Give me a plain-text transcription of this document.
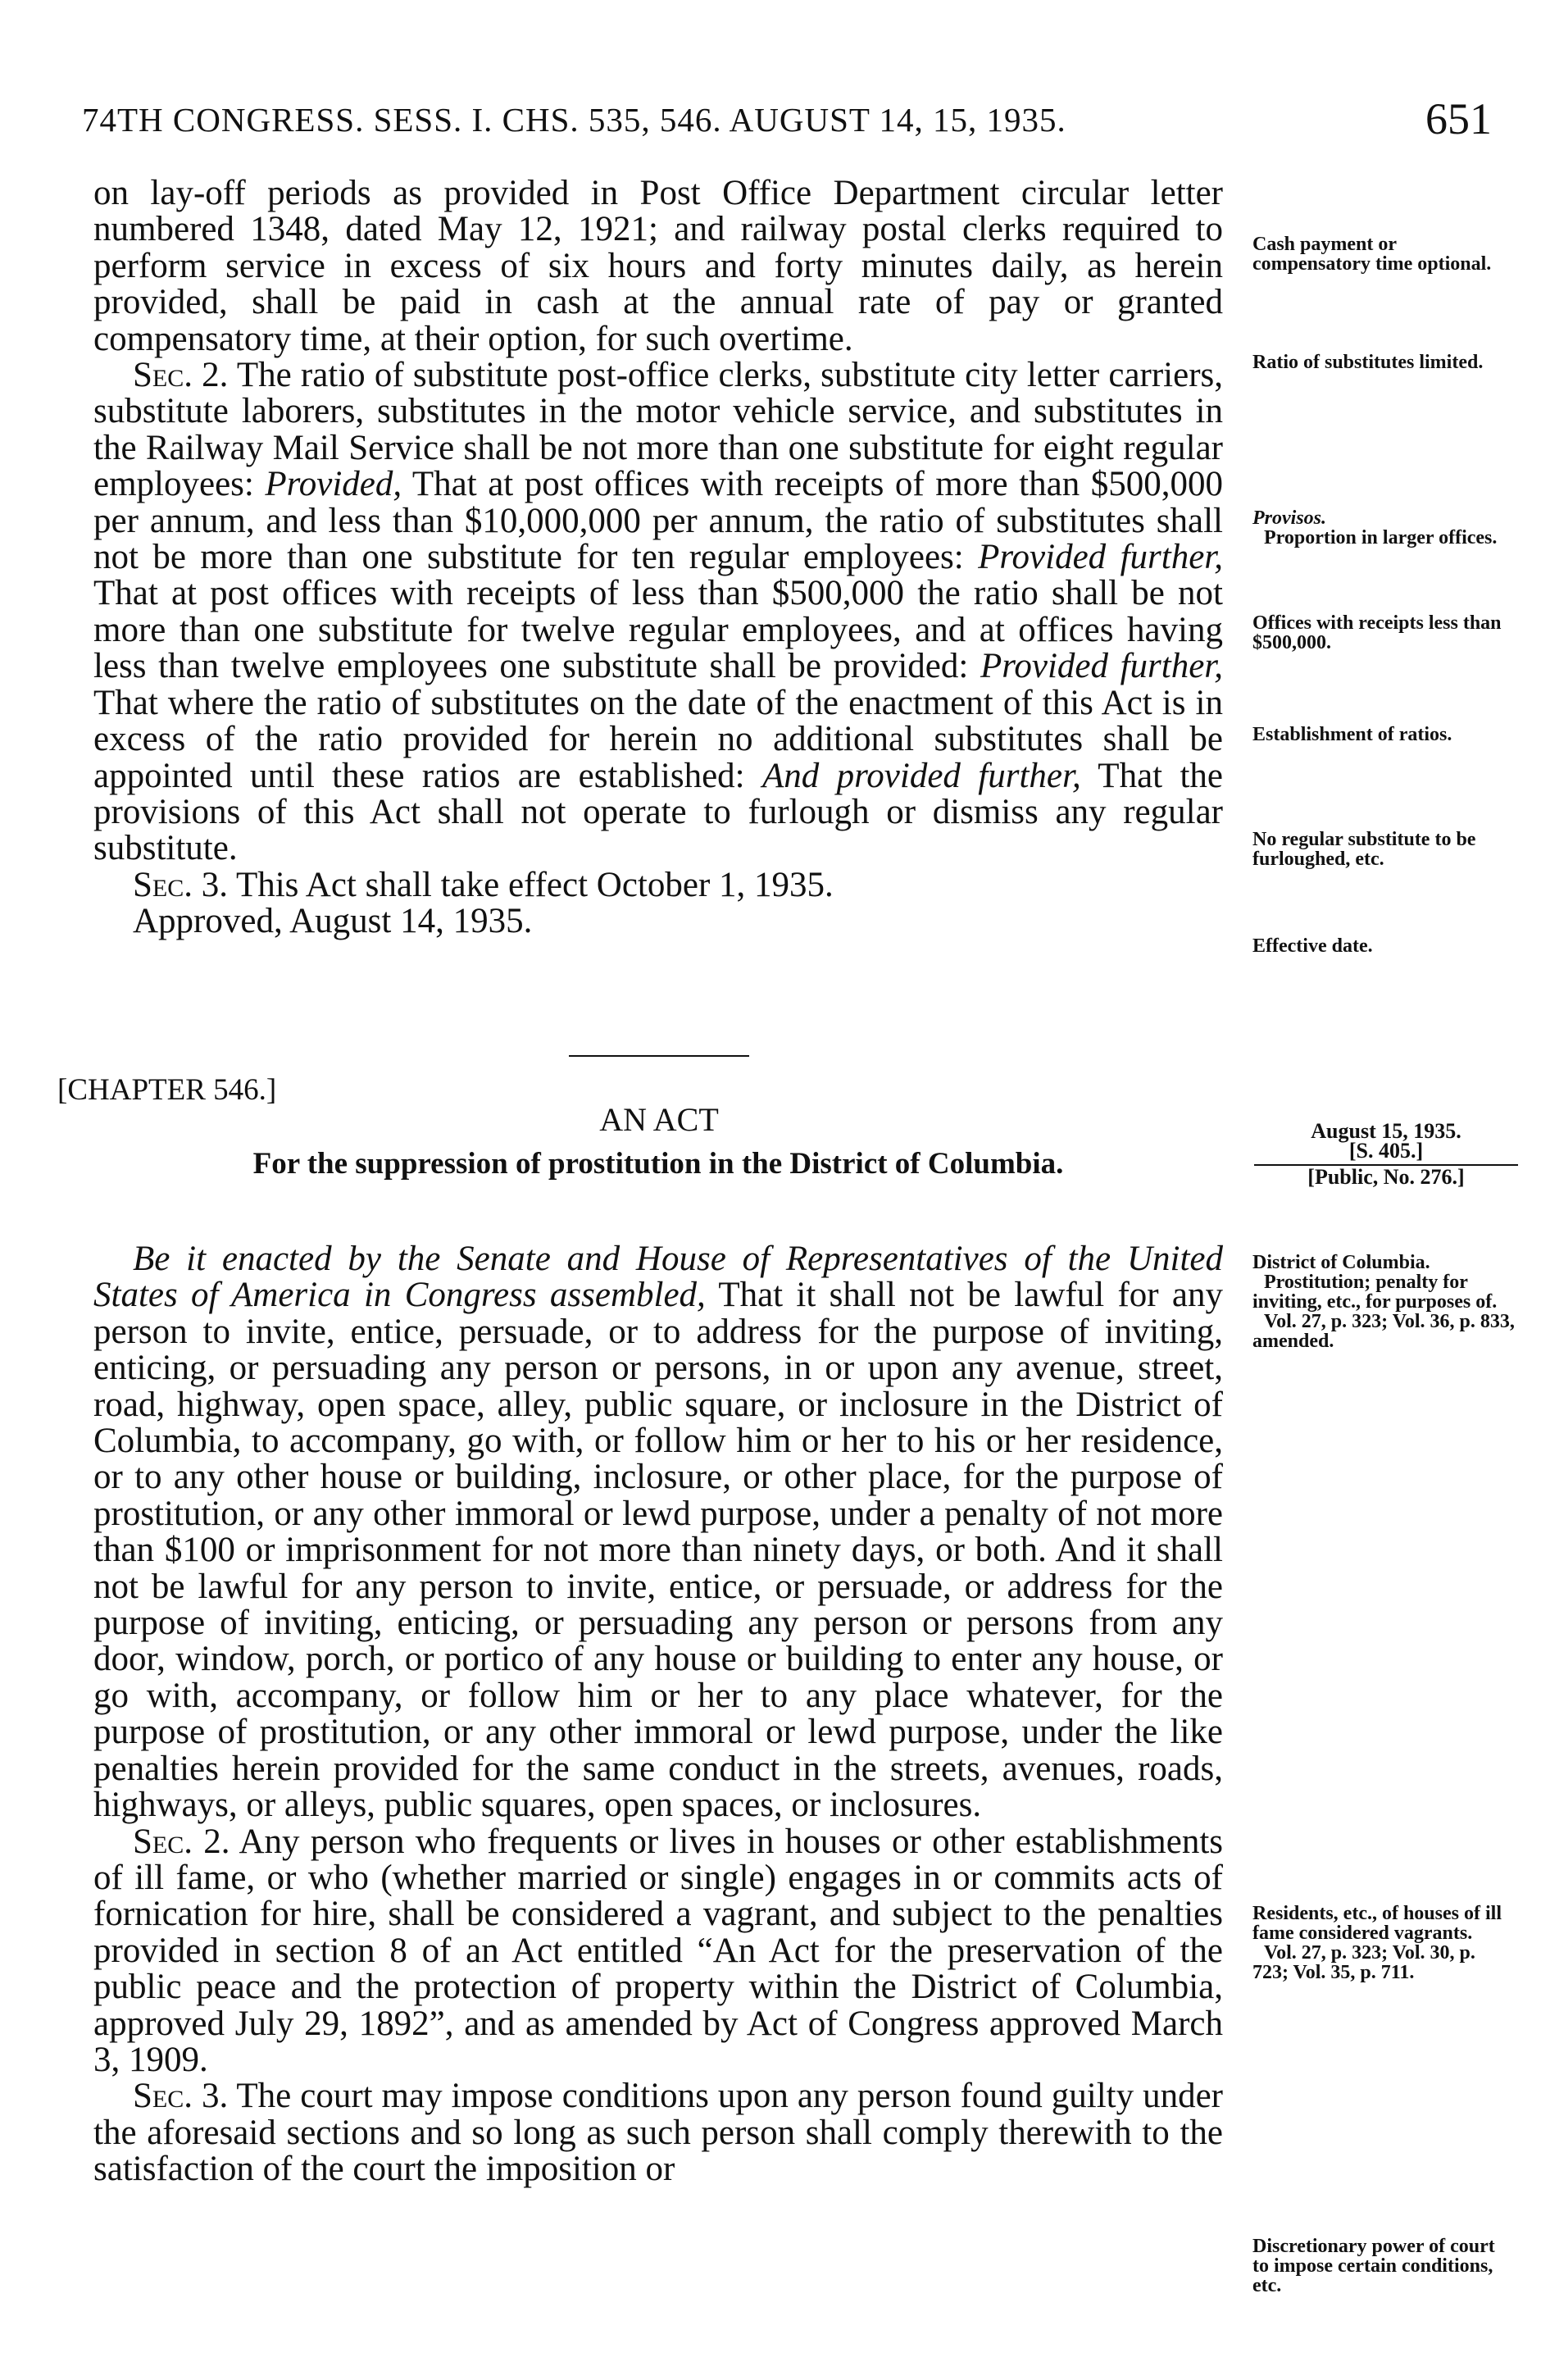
74TH CONGRESS. SESS. I. CHS. 535, 546. AUGUST 14, 15, 1935.	651

on lay-off periods as provided in Post Office Department circular letter numbered 1348, dated May 12, 1921; and railway postal clerks required to perform service in excess of six hours and forty minutes daily, as herein provided, shall be paid in cash at the annual rate of pay or granted compensatory time, at their option, for such overtime.

Sec. 2. The ratio of substitute post-office clerks, substitute city letter carriers, substitute laborers, substitutes in the motor vehicle service, and substitutes in the Railway Mail Service shall be not more than one substitute for eight regular employees: Provided, That at post offices with receipts of more than $500,000 per annum, and less than $10,000,000 per annum, the ratio of substitutes shall not be more than one substitute for ten regular employees: Provided further, That at post offices with receipts of less than $500,000 the ratio shall be not more than one substitute for twelve regular employees, and at offices having less than twelve employees one substitute shall be provided: Provided further, That where the ratio of substitutes on the date of the enactment of this Act is in excess of the ratio provided for herein no additional substitutes shall be appointed until these ratios are established: And provided further, That the provisions of this Act shall not operate to furlough or dismiss any regular substitute.

Sec. 3. This Act shall take effect October 1, 1935.

Approved, August 14, 1935.

[CHAPTER 546.]
AN ACT
For the suppression of prostitution in the District of Columbia.
August 15, 1935.
[S. 405.]
[Public, No. 276.]

Be it enacted by the Senate and House of Representatives of the United States of America in Congress assembled, That it shall not be lawful for any person to invite, entice, persuade, or to address for the purpose of inviting, enticing, or persuading any person or persons, in or upon any avenue, street, road, highway, open space, alley, public square, or inclosure in the District of Columbia, to accompany, go with, or follow him or her to his or her residence, or to any other house or building, inclosure, or other place, for the purpose of prostitution, or any other immoral or lewd purpose, under a penalty of not more than $100 or imprisonment for not more than ninety days, or both. And it shall not be lawful for any person to invite, entice, or persuade, or address for the purpose of inviting, enticing, or persuading any person or persons from any door, window, porch, or portico of any house or building to enter any house, or go with, accompany, or follow him or her to any place whatever, for the purpose of prostitution, or any other immoral or lewd purpose, under the like penalties herein provided for the same conduct in the streets, avenues, roads, highways, or alleys, public squares, open spaces, or inclosures.

Sec. 2. Any person who frequents or lives in houses or other establishments of ill fame, or who (whether married or single) engages in or commits acts of fornication for hire, shall be considered a vagrant, and subject to the penalties provided in section 8 of an Act entitled “An Act for the preservation of the public peace and the protection of property within the District of Columbia, approved July 29, 1892”, and as amended by Act of Congress approved March 3, 1909.

Sec. 3. The court may impose conditions upon any person found guilty under the aforesaid sections and so long as such person shall comply therewith to the satisfaction of the court the imposition or

Cash payment or compensatory time optional.
Ratio of substitutes limited.
Provisos.
Proportion in larger offices.
Offices with receipts less than $500,000.
Establishment of ratios.
No regular substitute to be furloughed, etc.
Effective date.
District of Columbia.
Prostitution; penalty for inviting, etc., for purposes of.
Vol. 27, p. 323; Vol. 36, p. 833, amended.
Residents, etc., of houses of ill fame considered vagrants.
Vol. 27, p. 323; Vol. 30, p. 723; Vol. 35, p. 711.
Discretionary power of court to impose certain conditions, etc.
